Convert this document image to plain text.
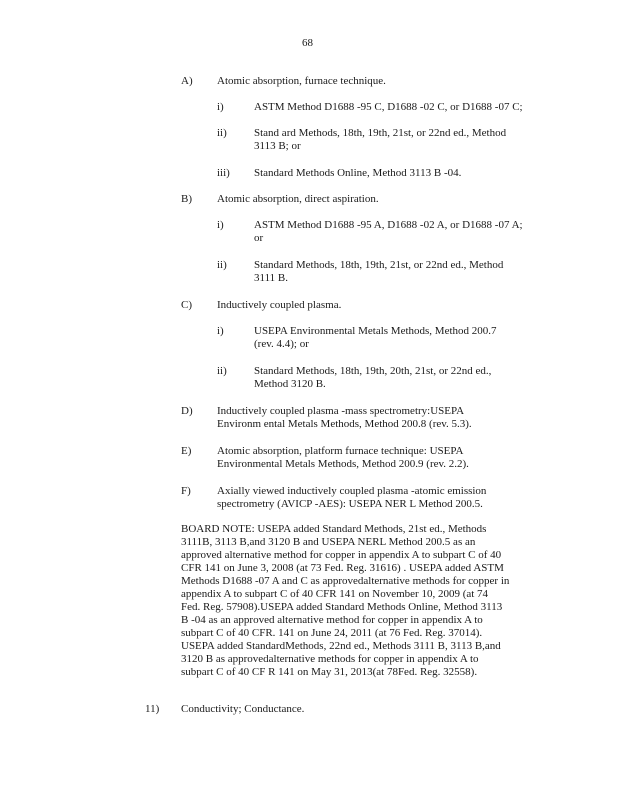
68
A) Atomic absorption, furnace technique.
i)	ASTM Method D1688 -95 C, D1688 -02 C, or D1688 -07 C;
ii) Stand ard Methods, 18th, 19th, 21st, or 22nd ed., Method
3113 B; or
iii) Standard Methods Online, Method 3113 B -04.
B) Atomic absorption, direct aspiration.
i)	ASTM Method D1688 -95 A, D1688 -02 A, or D1688 -07 A;
or
ii) Standard Methods, 18th, 19th, 21st, or 22nd ed., Method
3111 B.
C) Inductively coupled plasma.
i)	USEPA Environmental Metals Methods, Method 200.7
(rev. 4.4); or
ii) Standard Methods, 18th, 19th, 20th, 21st, or 22nd ed.,
Method 3120 B.
D) Inductively coupled plasma -mass spectrometry:USEPA
Environm ental Metals Methods, Method 200.8 (rev. 5.3).
E) Atomic absorption, platform furnace technique: USEPA
Environmental Metals Methods, Method 200.9 (rev. 2.2).
F) Axially viewed inductively coupled plasma -atomic emission
spectrometry (AVICP -AES): USEPA NER L Method 200.5.
BOARD NOTE: USEPA added Standard Methods, 21st ed., Methods
3111B, 3113 B,and 3120 B and USEPA NERL Method 200.5 as an
approved alternative method for copper in appendix A to subpart C of 40
CFR 141 on June 3, 2008 (at 73 Fed. Reg. 31616) . USEPA added ASTM
Methods D1688 -07 A and C as approvedalternative methods for copper in
appendix A to subpart C of 40 CFR 141 on November 10, 2009 (at 74
Fed. Reg. 57908).USEPA added Standard Methods Online, Method 3113
B -04 as an approved alternative method for copper in appendix A to
subpart C of 40 CFR. 141 on June 24, 2011 (at 76 Fed. Reg. 37014).
USEPA added StandardMethods, 22nd ed., Methods 3111 B, 3113 B,and
3120 B as approvedalternative methods for copper in appendix A to
subpart C of 40 CF R 141 on May 31, 2013(at 78Fed. Reg. 32558).
11) Conductivity; Conductance.
